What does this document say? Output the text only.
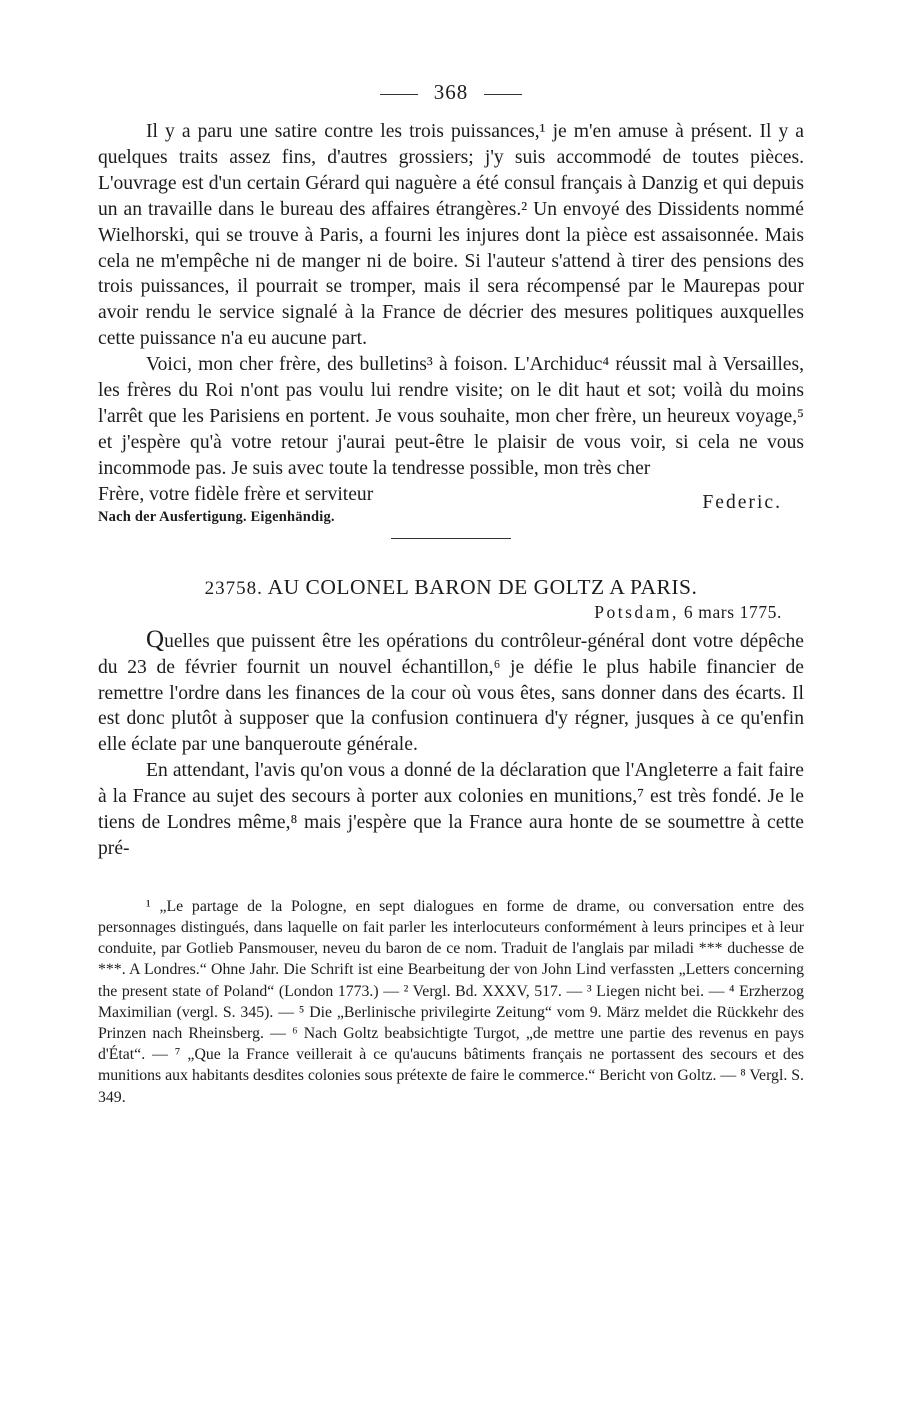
368

Il y a paru une satire contre les trois puissances,¹ je m'en amuse à présent. Il y a quelques traits assez fins, d'autres grossiers; j'y suis accommodé de toutes pièces. L'ouvrage est d'un certain Gérard qui naguère a été consul français à Danzig et qui depuis un an travaille dans le bureau des affaires étrangères.² Un envoyé des Dissidents nommé Wielhorski, qui se trouve à Paris, a fourni les injures dont la pièce est assaisonnée. Mais cela ne m'empêche ni de manger ni de boire. Si l'auteur s'attend à tirer des pensions des trois puissances, il pourrait se tromper, mais il sera récompensé par le Maurepas pour avoir rendu le service signalé à la France de décrier des mesures politiques auxquelles cette puissance n'a eu aucune part.

Voici, mon cher frère, des bulletins³ à foison. L'Archiduc⁴ réussit mal à Versailles, les frères du Roi n'ont pas voulu lui rendre visite; on le dit haut et sot; voilà du moins l'arrêt que les Parisiens en portent. Je vous souhaite, mon cher frère, un heureux voyage,⁵ et j'espère qu'à votre retour j'aurai peut-être le plaisir de vous voir, si cela ne vous incommode pas. Je suis avec toute la tendresse possible, mon très cher

Frère, votre fidèle frère et serviteur	Federic.
Nach der Ausfertigung. Eigenhändig.

23758. AU COLONEL BARON DE GOLTZ A PARIS.

Potsdam, 6 mars 1775.

Quelles que puissent être les opérations du contrôleur-général dont votre dépêche du 23 de février fournit un nouvel échantillon,⁶ je défie le plus habile financier de remettre l'ordre dans les finances de la cour où vous êtes, sans donner dans des écarts. Il est donc plutôt à supposer que la confusion continuera d'y régner, jusques à ce qu'enfin elle éclate par une banqueroute générale.

En attendant, l'avis qu'on vous a donné de la déclaration que l'Angleterre a fait faire à la France au sujet des secours à porter aux colonies en munitions,⁷ est très fondé. Je le tiens de Londres même,⁸ mais j'espère que la France aura honte de se soumettre à cette pré-

¹ „Le partage de la Pologne, en sept dialogues en forme de drame, ou conversation entre des personnages distingués, dans laquelle on fait parler les interlocuteurs conformément à leurs principes et à leur conduite, par Gotlieb Pansmouser, neveu du baron de ce nom. Traduit de l'anglais par miladi *** duchesse de ***. A Londres.“ Ohne Jahr. Die Schrift ist eine Bearbeitung der von John Lind verfassten „Letters concerning the present state of Poland“ (London 1773.) — ² Vergl. Bd. XXXV, 517. — ³ Liegen nicht bei. — ⁴ Erzherzog Maximilian (vergl. S. 345). — ⁵ Die „Berlinische privilegirte Zeitung“ vom 9. März meldet die Rückkehr des Prinzen nach Rheinsberg. — ⁶ Nach Goltz beabsichtigte Turgot, „de mettre une partie des revenus en pays d'État“. — ⁷ „Que la France veillerait à ce qu'aucuns bâtiments français ne portassent des secours et des munitions aux habitants desdites colonies sous prétexte de faire le commerce.“ Bericht von Goltz. — ⁸ Vergl. S. 349.
